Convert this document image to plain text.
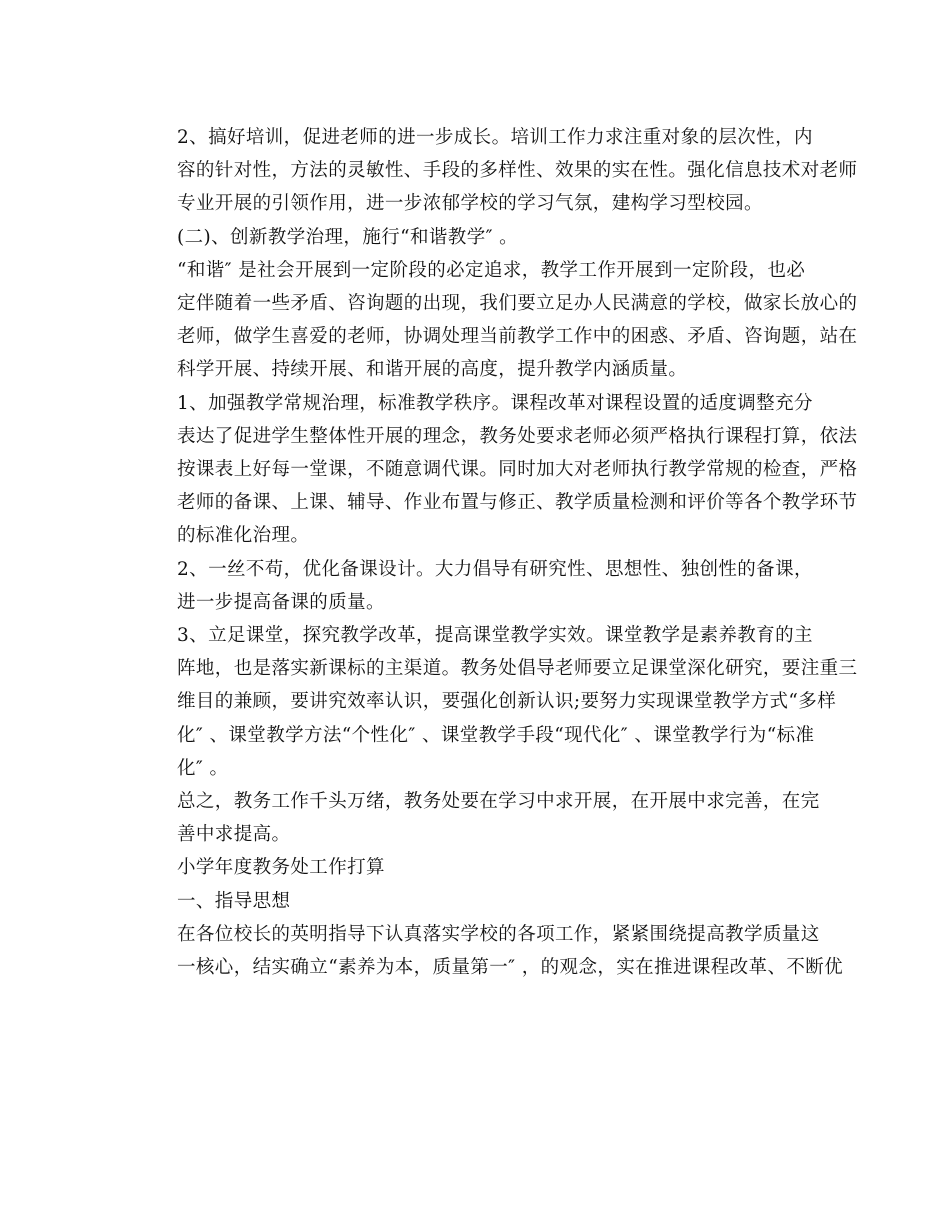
2、搞好培训，促进老师的进一步成长。培训工作力求注重对象的层次性，内
容的针对性，方法的灵敏性、手段的多样性、效果的实在性。强化信息技术对老师
专业开展的引领作用，进一步浓郁学校的学习气氛，建构学习型校园。

(二)、创新教学治理，施行“和谐教学″ 。

“和谐″ 是社会开展到一定阶段的必定追求，教学工作开展到一定阶段，也必
定伴随着一些矛盾、咨询题的出现，我们要立足办人民满意的学校，做家长放心的
老师，做学生喜爱的老师，协调处理当前教学工作中的困惑、矛盾、咨询题，站在
科学开展、持续开展、和谐开展的高度，提升教学内涵质量。

1、加强教学常规治理，标准教学秩序。课程改革对课程设置的适度调整充分
表达了促进学生整体性开展的理念，教务处要求老师必须严格执行课程打算，依法
按课表上好每一堂课，不随意调代课。同时加大对老师执行教学常规的检查，严格
老师的备课、上课、辅导、作业布置与修正、教学质量检测和评价等各个教学环节
的标准化治理。

2、一丝不苟，优化备课设计。大力倡导有研究性、思想性、独创性的备课，
进一步提高备课的质量。

3、立足课堂，探究教学改革，提高课堂教学实效。课堂教学是素养教育的主
阵地，也是落实新课标的主渠道。教务处倡导老师要立足课堂深化研究，要注重三
维目的兼顾，要讲究效率认识，要强化创新认识;要努力实现课堂教学方式“多样
化″ 、课堂教学方法“个性化″ 、课堂教学手段“现代化″ 、课堂教学行为“标准
化″ 。

总之，教务工作千头万绪，教务处要在学习中求开展，在开展中求完善，在完
善中求提高。

小学年度教务处工作打算

一、指导思想

在各位校长的英明指导下认真落实学校的各项工作，紧紧围绕提高教学质量这
一核心，结实确立“素养为本，质量第一″ ，的观念，实在推进课程改革、不断优
